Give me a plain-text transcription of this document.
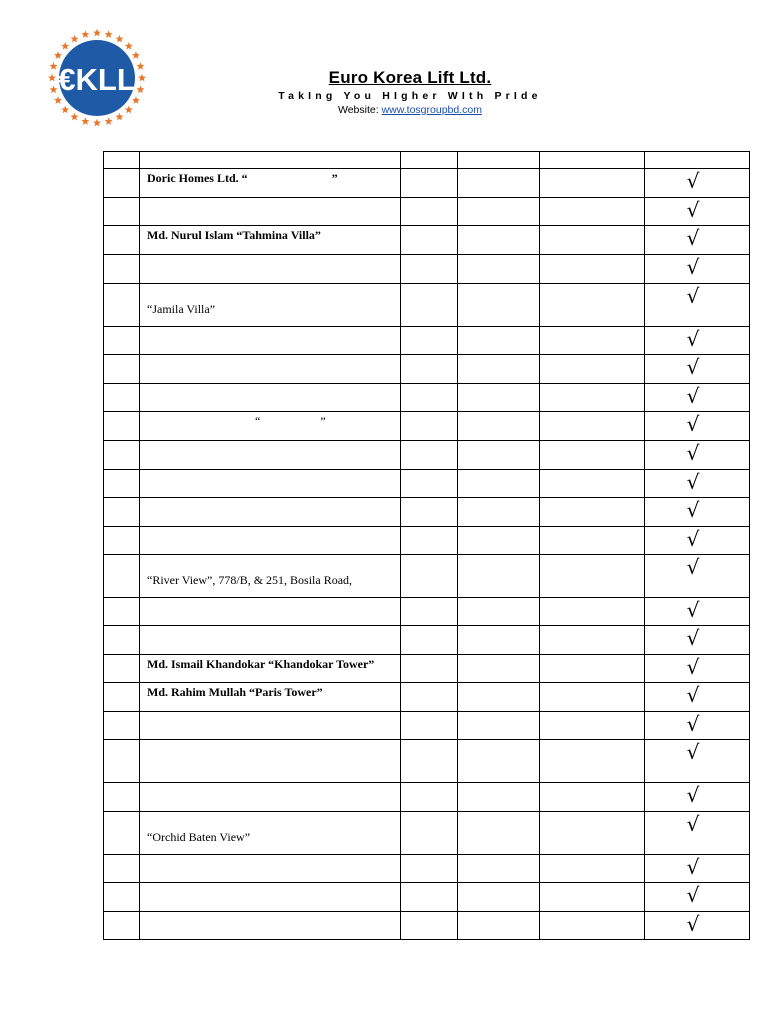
€KLL	Euro Korea Lift Ltd.
TakIng You HIgher WIth PrIde
Website: www.tosgroupbd.com

	Doric Homes Ltd. “                            ”				√
					√
	Md. Nurul Islam “Tahmina Villa”				√
					√
	“Jamila Villa”				√
					√
					√
					√
	“                    ”				√
					√
					√
					√
					√
	“River View”, 778/B, & 251, Bosila Road,				√
					√
					√
	Md. Ismail Khandokar “Khandokar Tower”				√
	Md. Rahim Mullah “Paris Tower”				√
					√
					√
					√
	“Orchid Baten View”				√
					√
					√
					√
